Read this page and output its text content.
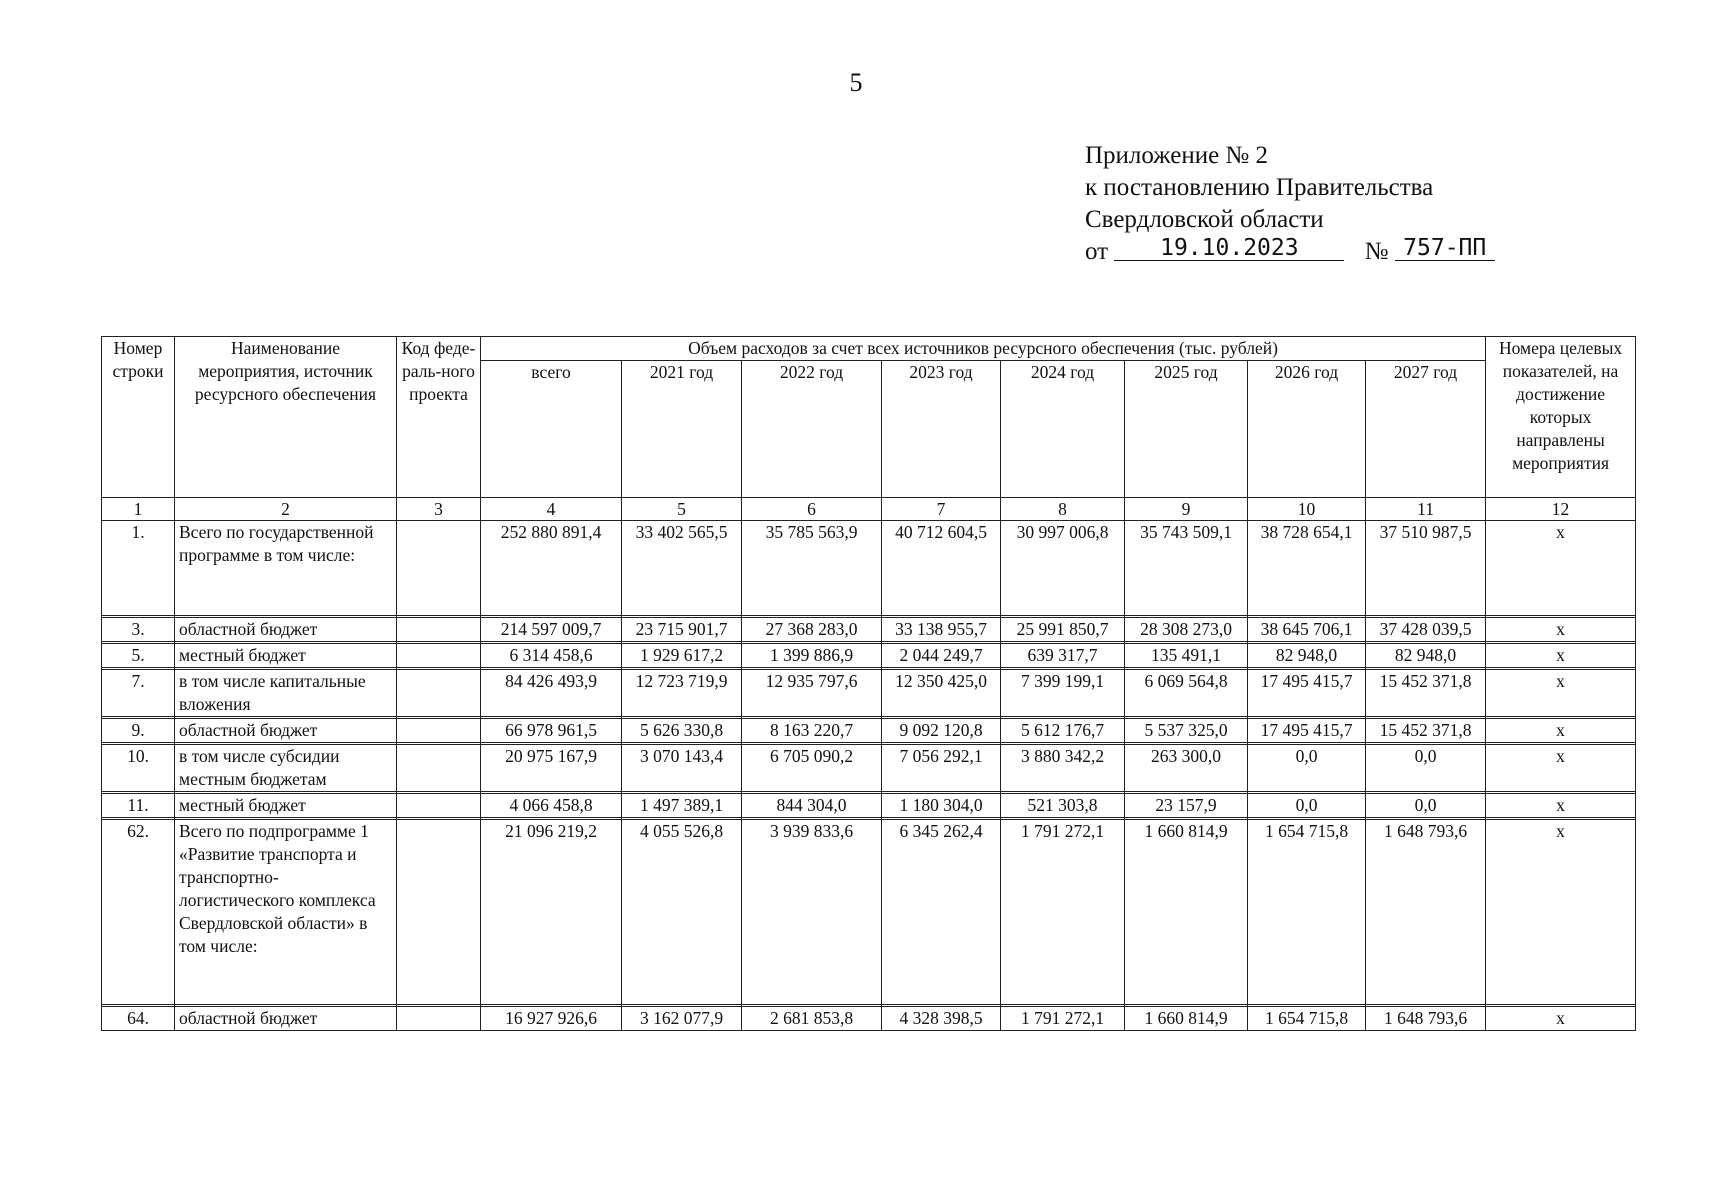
5
Приложение № 2
к постановлению Правительства
Свердловской области
от 19.10.2023	№ 757-ПП
Номер строки	Наименование мероприятия, источник ресурсного обеспечения	Код феде-раль-ного проекта	Объем расходов за счет всех источников ресурсного обеспечения (тыс. рублей)								Номера целевых показателей, на достижение которых направлены мероприятия
			всего	2021 год	2022 год	2023 год	2024 год	2025 год	2026 год	2027 год	
1	2	3	4	5	6	7	8	9	10	11	12
1.	Всего по государственной программе в том числе:		252 880 891,4	33 402 565,5	35 785 563,9	40 712 604,5	30 997 006,8	35 743 509,1	38 728 654,1	37 510 987,5	x

3.	областной бюджет		214 597 009,7	23 715 901,7	27 368 283,0	33 138 955,7	25 991 850,7	28 308 273,0	38 645 706,1	37 428 039,5	x

5.	местный бюджет		6 314 458,6	1 929 617,2	1 399 886,9	2 044 249,7	639 317,7	135 491,1	82 948,0	82 948,0	x

7.	в том числе капитальные вложения		84 426 493,9	12 723 719,9	12 935 797,6	12 350 425,0	7 399 199,1	6 069 564,8	17 495 415,7	15 452 371,8	x

9.	областной бюджет		66 978 961,5	5 626 330,8	8 163 220,7	9 092 120,8	5 612 176,7	5 537 325,0	17 495 415,7	15 452 371,8	x

10.	в том числе субсидии местным бюджетам		20 975 167,9	3 070 143,4	6 705 090,2	7 056 292,1	3 880 342,2	263 300,0	0,0	0,0	x

11.	местный бюджет		4 066 458,8	1 497 389,1	844 304,0	1 180 304,0	521 303,8	23 157,9	0,0	0,0	x

62.	Всего по подпрограмме 1 «Развитие транспорта и транспортно-логистического комплекса Свердловской области» в том числе:		21 096 219,2	4 055 526,8	3 939 833,6	6 345 262,4	1 791 272,1	1 660 814,9	1 654 715,8	1 648 793,6	x

64.	областной бюджет		16 927 926,6	3 162 077,9	2 681 853,8	4 328 398,5	1 791 272,1	1 660 814,9	1 654 715,8	1 648 793,6	x
